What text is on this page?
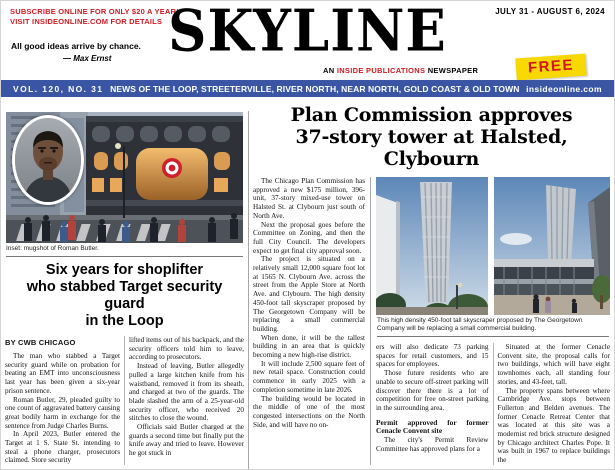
SUBSCRIBE ONLINE FOR ONLY $20 A YEAR!
VISIT INSIDEONLINE.COM FOR DETAILS
JULY 31 - AUGUST 6, 2024
SKYLINE
All good ideas arrive by chance.
— Max Ernst
AN INSIDE PUBLICATIONS NEWSPAPER	FREE
VOL. 120, NO. 31 NEWS OF THE LOOP, STREETERVILLE, RIVER NORTH, NEAR NORTH, GOLD COAST & OLD TOWN insideonline.com
Inset: mugshot of Roman Butler.
Six years for shoplifter
who stabbed Target security guard
in the Loop
BY CWB CHICAGO

The man who stabbed a Target security guard while on probation for beating an EMT into unconsciousness last year has been given a six-year prison sentence.

Roman Butler, 29, pleaded guilty to one count of aggravated battery causing great bodily harm in exchange for the sentence from Judge Charles Burns.

In April 2023, Butler entered the Target at 1 S. State St. intending to steal a phone charger, prosecutors claimed. Store security

lifted items out of his backpack, and the security officers told him to leave, according to prosecutors.

Instead of leaving, Butler allegedly pulled a large kitchen knife from his waistband, removed it from its sheath, and charged at two of the guards. The blade slashed the arm of a 25-year-old security officer, who received 20 stitches to close the wound.

Officials said Butler charged at the guards a second time but finally put the knife away and tried to leave. However he got stuck in

Plan Commission approves
37-story tower at Halsted, Clybourn

The Chicago Plan Commission has approved a new $175 million, 396-unit, 37-story mixed-use tower on Halsted St. at Clybourn just south of North Ave.

Next the proposal goes before the Committee on Zoning, and then the full City Council. The developers expect to get final city approval soon.

The project is situated on a relatively small 12,000 square foot lot at 1565 N. Clybourn Ave. across the street from the Apple Store at North Ave. and Clybourn. The high density 450-foot tall skyscraper proposed by The Georgetown Company will be replacing a small commercial building.

When done, it will be the tallest building in an area that is quickly becoming a new high-rise district.

It will include 2,500 square feet of new retail space. Construction could commence in early 2025 with a completion sometime in late 2026.

The building would be located in the middle of one of the most congested intersections on the North Side, and will have no on-

This high density 450-foot tall skyscraper proposed by The Georgetown Company will be replacing a small commercial building.

ers will also dedicate 73 parking spaces for retail customers, and 15 spaces for employees.

Those future residents who are unable to secure off-street parking will discover there there is a lot of competition for free on-street parking in the surrounding area.

Permit approved for former Cenacle Convent site

The city's Permit Review Committee has approved plans for a

Situated at the former Cenacle Convent site, the proposal calls for two buildings, which will have eight townhomes each, all standing four stories, and 43-feet, tall.

The property spans between where Cambridge Ave. stops between Fullerton and Belden avenues. The former Cenacle Retreat Center that was located at this site was a modernist red brick structure designed by Chicago architect Charles Pope. It was built in 1967 to replace buildings the
